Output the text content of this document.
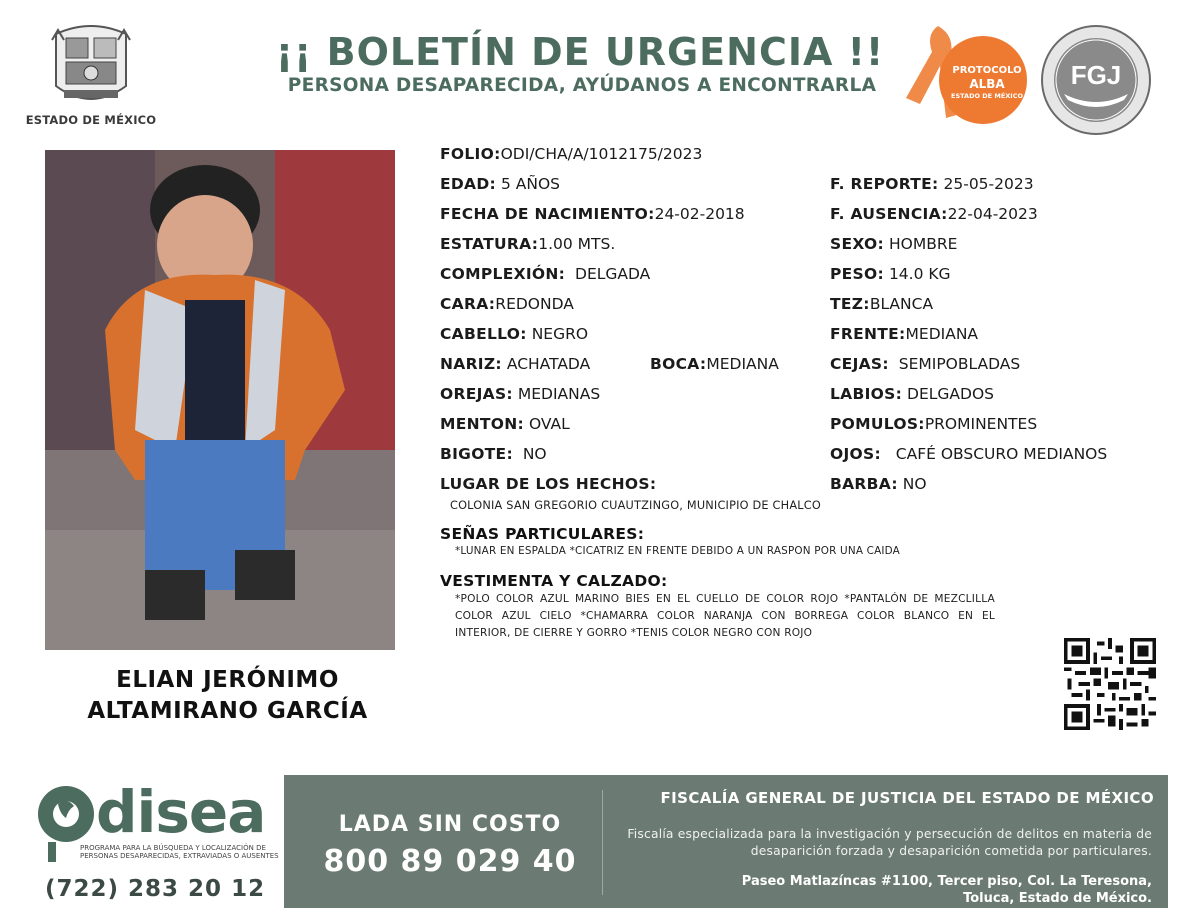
ESTADO DE MÉXICO
¡¡ BOLETÍN DE URGENCIA !!
PERSONA DESAPARECIDA, AYÚDANOS A ENCONTRARLA
PROTOCOLO
ALBA
ESTADO DE MÉXICO
FGJ
ELIAN JERÓNIMO
ALTAMIRANO GARCÍA
FOLIO:ODI/CHA/A/1012175/2023
EDAD: 5 AÑOS	F. REPORTE: 25-05-2023
FECHA DE NACIMIENTO:24-02-2018	F. AUSENCIA:22-04-2023
ESTATURA:1.00 MTS.	SEXO: HOMBRE
COMPLEXIÓN: DELGADA	PESO: 14.0 KG
CARA:REDONDA	TEZ:BLANCA
CABELLO: NEGRO	FRENTE:MEDIANA
NARIZ: ACHATADA	BOCA:MEDIANA	CEJAS: SEMIPOBLADAS
OREJAS: MEDIANAS	LABIOS: DELGADOS
MENTON: OVAL	POMULOS:PROMINENTES
BIGOTE: NO	OJOS: CAFÉ OBSCURO MEDIANOS
LUGAR DE LOS HECHOS:	BARBA: NO
COLONIA SAN GREGORIO CUAUTZINGO, MUNICIPIO DE CHALCO
SEÑAS PARTICULARES:
*LUNAR EN ESPALDA *CICATRIZ EN FRENTE DEBIDO A UN RASPON POR UNA CAIDA
VESTIMENTA Y CALZADO:
*POLO COLOR AZUL MARINO BIES EN EL CUELLO DE COLOR ROJO *PANTALÓN DE MEZCLILLA COLOR AZUL CIELO *CHAMARRA COLOR NARANJA CON BORREGA COLOR BLANCO EN EL INTERIOR, DE CIERRE Y GORRO *TENIS COLOR NEGRO CON ROJO
disea
PROGRAMA PARA LA BÚSQUEDA Y LOCALIZACIÓN DE PERSONAS DESAPARECIDAS, EXTRAVIADAS O AUSENTES
(722) 283 20 12
LADA SIN COSTO
800 89 029 40
FISCALÍA GENERAL DE JUSTICIA DEL ESTADO DE MÉXICO
Fiscalía especializada para la investigación y persecución de delitos en materia de desaparición forzada y desaparición cometida por particulares.
Paseo Matlazíncas #1100, Tercer piso, Col. La Teresona,
Toluca, Estado de México.
